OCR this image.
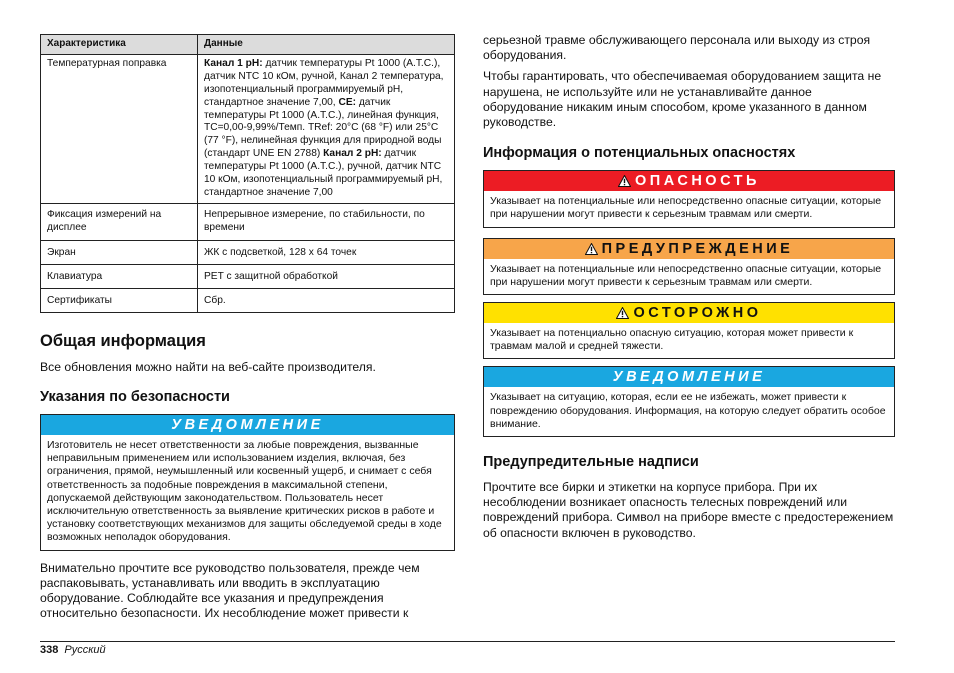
Характеристика	Данные
Температурная поправка	Канал 1 pH: датчик температуры Pt 1000 (A.T.C.), датчик NTC 10 кОм, ручной, Канал 2 температура, изопотенциальный программируемый pH, стандартное значение 7,00, CE: датчик температуры Pt 1000 (A.T.C.), линейная функция, TC=0,00-9,99%/Темп. TRef: 20°C (68 °F) или 25°C (77 °F), нелинейная функция для природной воды (стандарт UNE EN 2788) Канал 2 pH: датчик температуры Pt 1000 (A.T.C.), ручной, датчик NTC 10 кОм, изопотенциальный программируемый pH, стандартное значение 7,00
Фиксация измерений на дисплее	Непрерывное измерение, по стабильности, по времени
Экран	ЖК с подсветкой, 128 x 64 точек
Клавиатура	PET с защитной обработкой
Сертификаты	Сбр.
Общая информация

Все обновления можно найти на веб-сайте производителя.

Указания по безопасности
УВЕДОМЛЕНИЕ
Изготовитель не несет ответственности за любые повреждения, вызванные неправильным применением или использованием изделия, включая, без ограничения, прямой, неумышленный или косвенный ущерб, и снимает с себя ответственность за подобные повреждения в максимальной степени, допускаемой действующим законодательством. Пользователь несет исключительную ответственность за выявление критических рисков в работе и установку соответствующих механизмов для защиты обследуемой среды в ходе возможных неполадок оборудования.

Внимательно прочтите все руководство пользователя, прежде чем распаковывать, устанавливать или вводить в эксплуатацию оборудование. Соблюдайте все указания и предупреждения относительно безопасности. Их несоблюдение может привести к

серьезной травме обслуживающего персонала или выходу из строя оборудования.

Чтобы гарантировать, что обеспечиваемая оборудованием защита не нарушена, не используйте или не устанавливайте данное оборудование никаким иным способом, кроме указанного в данном руководстве.

Информация о потенциальных опасностях
ОПАСНОСТЬ
Указывает на потенциальные или непосредственно опасные ситуации, которые при нарушении могут привести к серьезным травмам или смерти.
ПРЕДУПРЕЖДЕНИЕ
Указывает на потенциальные или непосредственно опасные ситуации, которые при нарушении могут привести к серьезным травмам или смерти.
ОСТОРОЖНО
Указывает на потенциально опасную ситуацию, которая может привести к травмам малой и средней тяжести.
УВЕДОМЛЕНИЕ
Указывает на ситуацию, которая, если ее не избежать, может привести к повреждению оборудования. Информация, на которую следует обратить особое внимание.
Предупредительные надписи

Прочтите все бирки и этикетки на корпусе прибора. При их несоблюдении возникает опасность телесных повреждений или повреждений прибора. Символ на приборе вместе с предостережением об опасности включен в руководство.

338 Русский
